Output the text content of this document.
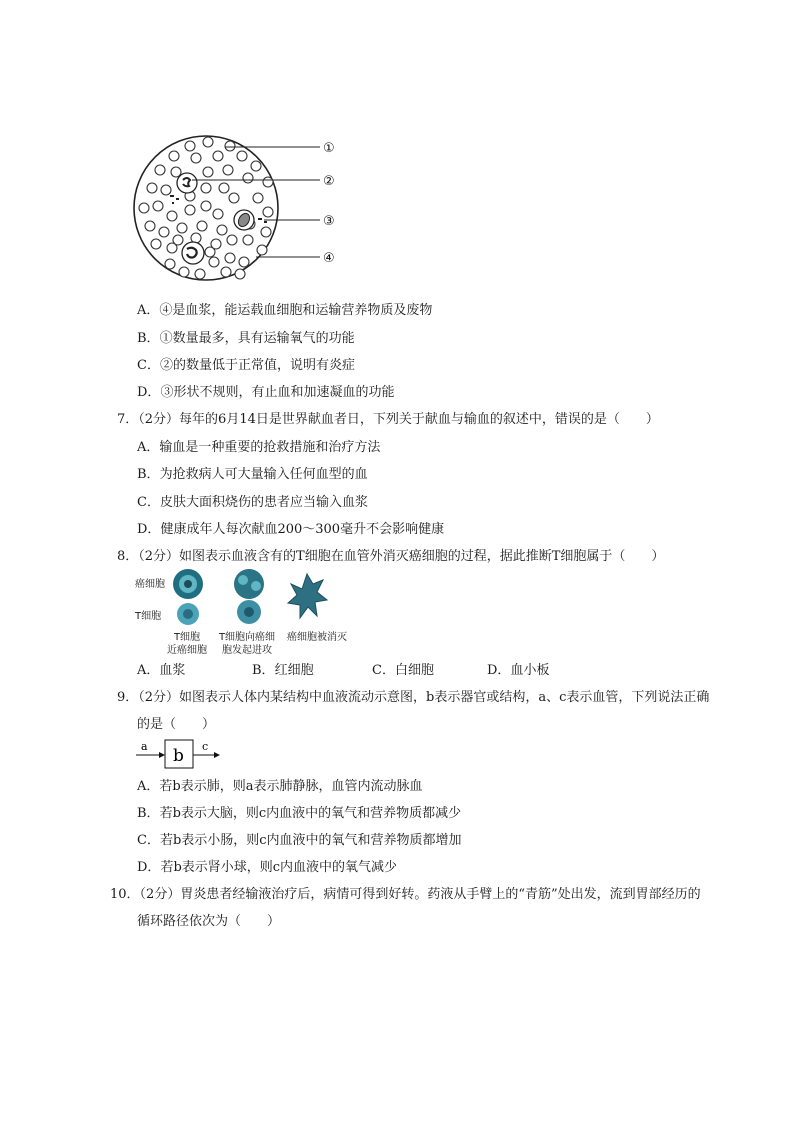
①
②
③
④
A．④是血浆，能运载血细胞和运输营养物质及废物
B．①数量最多，具有运输氧气的功能
C．②的数量低于正常值，说明有炎症
D．③形状不规则，有止血和加速凝血的功能
7．（2分）每年的6月14日是世界献血者日，下列关于献血与输血的叙述中，错误的是（　　）
A．输血是一种重要的抢救措施和治疗方法
B．为抢救病人可大量输入任何血型的血
C．皮肤大面积烧伤的患者应当输入血浆
D．健康成年人每次献血200～300毫升不会影响健康
8．（2分）如图表示血液含有的T细胞在血管外消灭癌细胞的过程，据此推断T细胞属于（　　）
癌细胞
T细胞
T细胞
近癌细胞
T细胞向癌细
胞发起进攻
癌细胞被消灭
A．血浆	B．红细胞	C．白细胞	D．血小板
9．（2分）如图表示人体内某结构中血液流动示意图，b表示器官或结构，a、c表示血管，下列说法正确
的是（　　）
a b c
A．若b表示肺，则a表示肺静脉，血管内流动脉血
B．若b表示大脑，则c内血液中的氧气和营养物质都减少
C．若b表示小肠，则c内血液中的氧气和营养物质都增加
D．若b表示肾小球，则c内血液中的氧气减少
10．（2分）胃炎患者经输液治疗后，病情可得到好转。药液从手臂上的“青筋”处出发，流到胃部经历的
循环路径依次为（　　）
